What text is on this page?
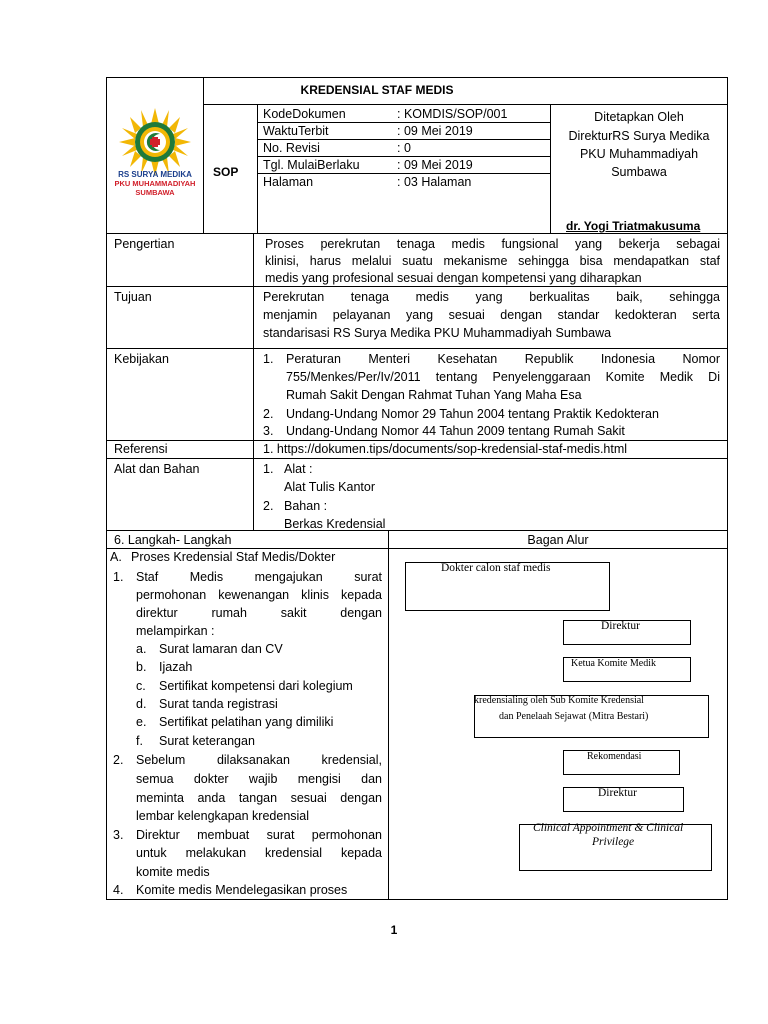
RS SURYA MEDIKA
PKU MUHAMMADIYAH
SUMBAWA
KREDENSIAL STAF MEDIS
SOP
KodeDokumen	: KOMDIS/SOP/001
WaktuTerbit	: 09 Mei 2019
No. Revisi	: 0
Tgl. MulaiBerlaku	: 09 Mei 2019
Halaman	: 03 Halaman
Ditetapkan Oleh
DirekturRS Surya Medika
PKU Muhammadiyah
Sumbawa
dr. Yogi Triatmakusuma
Pengertian	Proses perekrutan tenaga medis fungsional yang bekerja sebagai
klinisi, harus melalui suatu mekanisme sehingga bisa mendapatkan staf
medis yang profesional sesuai dengan kompetensi yang diharapkan
Tujuan	Perekrutan tenaga medis yang berkualitas baik, sehingga
menjamin pelayanan yang sesuai dengan standar kedokteran serta
standarisasi RS Surya Medika PKU Muhammadiyah Sumbawa
Kebijakan	1. Peraturan Menteri Kesehatan Republik Indonesia Nomor
755/Menkes/Per/Iv/2011 tentang Penyelenggaraan Komite Medik Di
Rumah Sakit Dengan Rahmat Tuhan Yang Maha Esa
2. Undang-Undang Nomor 29 Tahun 2004 tentang Praktik Kedokteran
3. Undang-Undang Nomor 44 Tahun 2009 tentang Rumah Sakit
Referensi	1. https://dokumen.tips/documents/sop-kredensial-staf-medis.html
Alat dan Bahan	1. Alat :
Alat Tulis Kantor
2. Bahan :
Berkas Kredensial
6. Langkah- Langkah	Bagan Alur
A. Proses Kredensial Staf Medis/Dokter
1. Staf Medis mengajukan surat
permohonan kewenangan klinis kepada
direktur rumah sakit dengan
melampirkan :
a. Surat lamaran dan CV
b. Ijazah
c. Sertifikat kompetensi dari kolegium
d. Surat tanda registrasi
e. Sertifikat pelatihan yang dimiliki
f. Surat keterangan
2. Sebelum dilaksanakan kredensial,
semua dokter wajib mengisi dan
meminta anda tangan sesuai dengan
lembar kelengkapan kredensial
3. Direktur membuat surat permohonan
untuk melakukan kredensial kepada
komite medis
4. Komite medis Mendelegasikan proses
Dokter calon staf medis
Direktur
Ketua Komite Medik
kredensialing oleh Sub Komite Kredensial
dan Penelaah Sejawat (Mitra Bestari)
Rekomendasi
Direktur
Clinical Appointment & Clinical
Privilege
1
